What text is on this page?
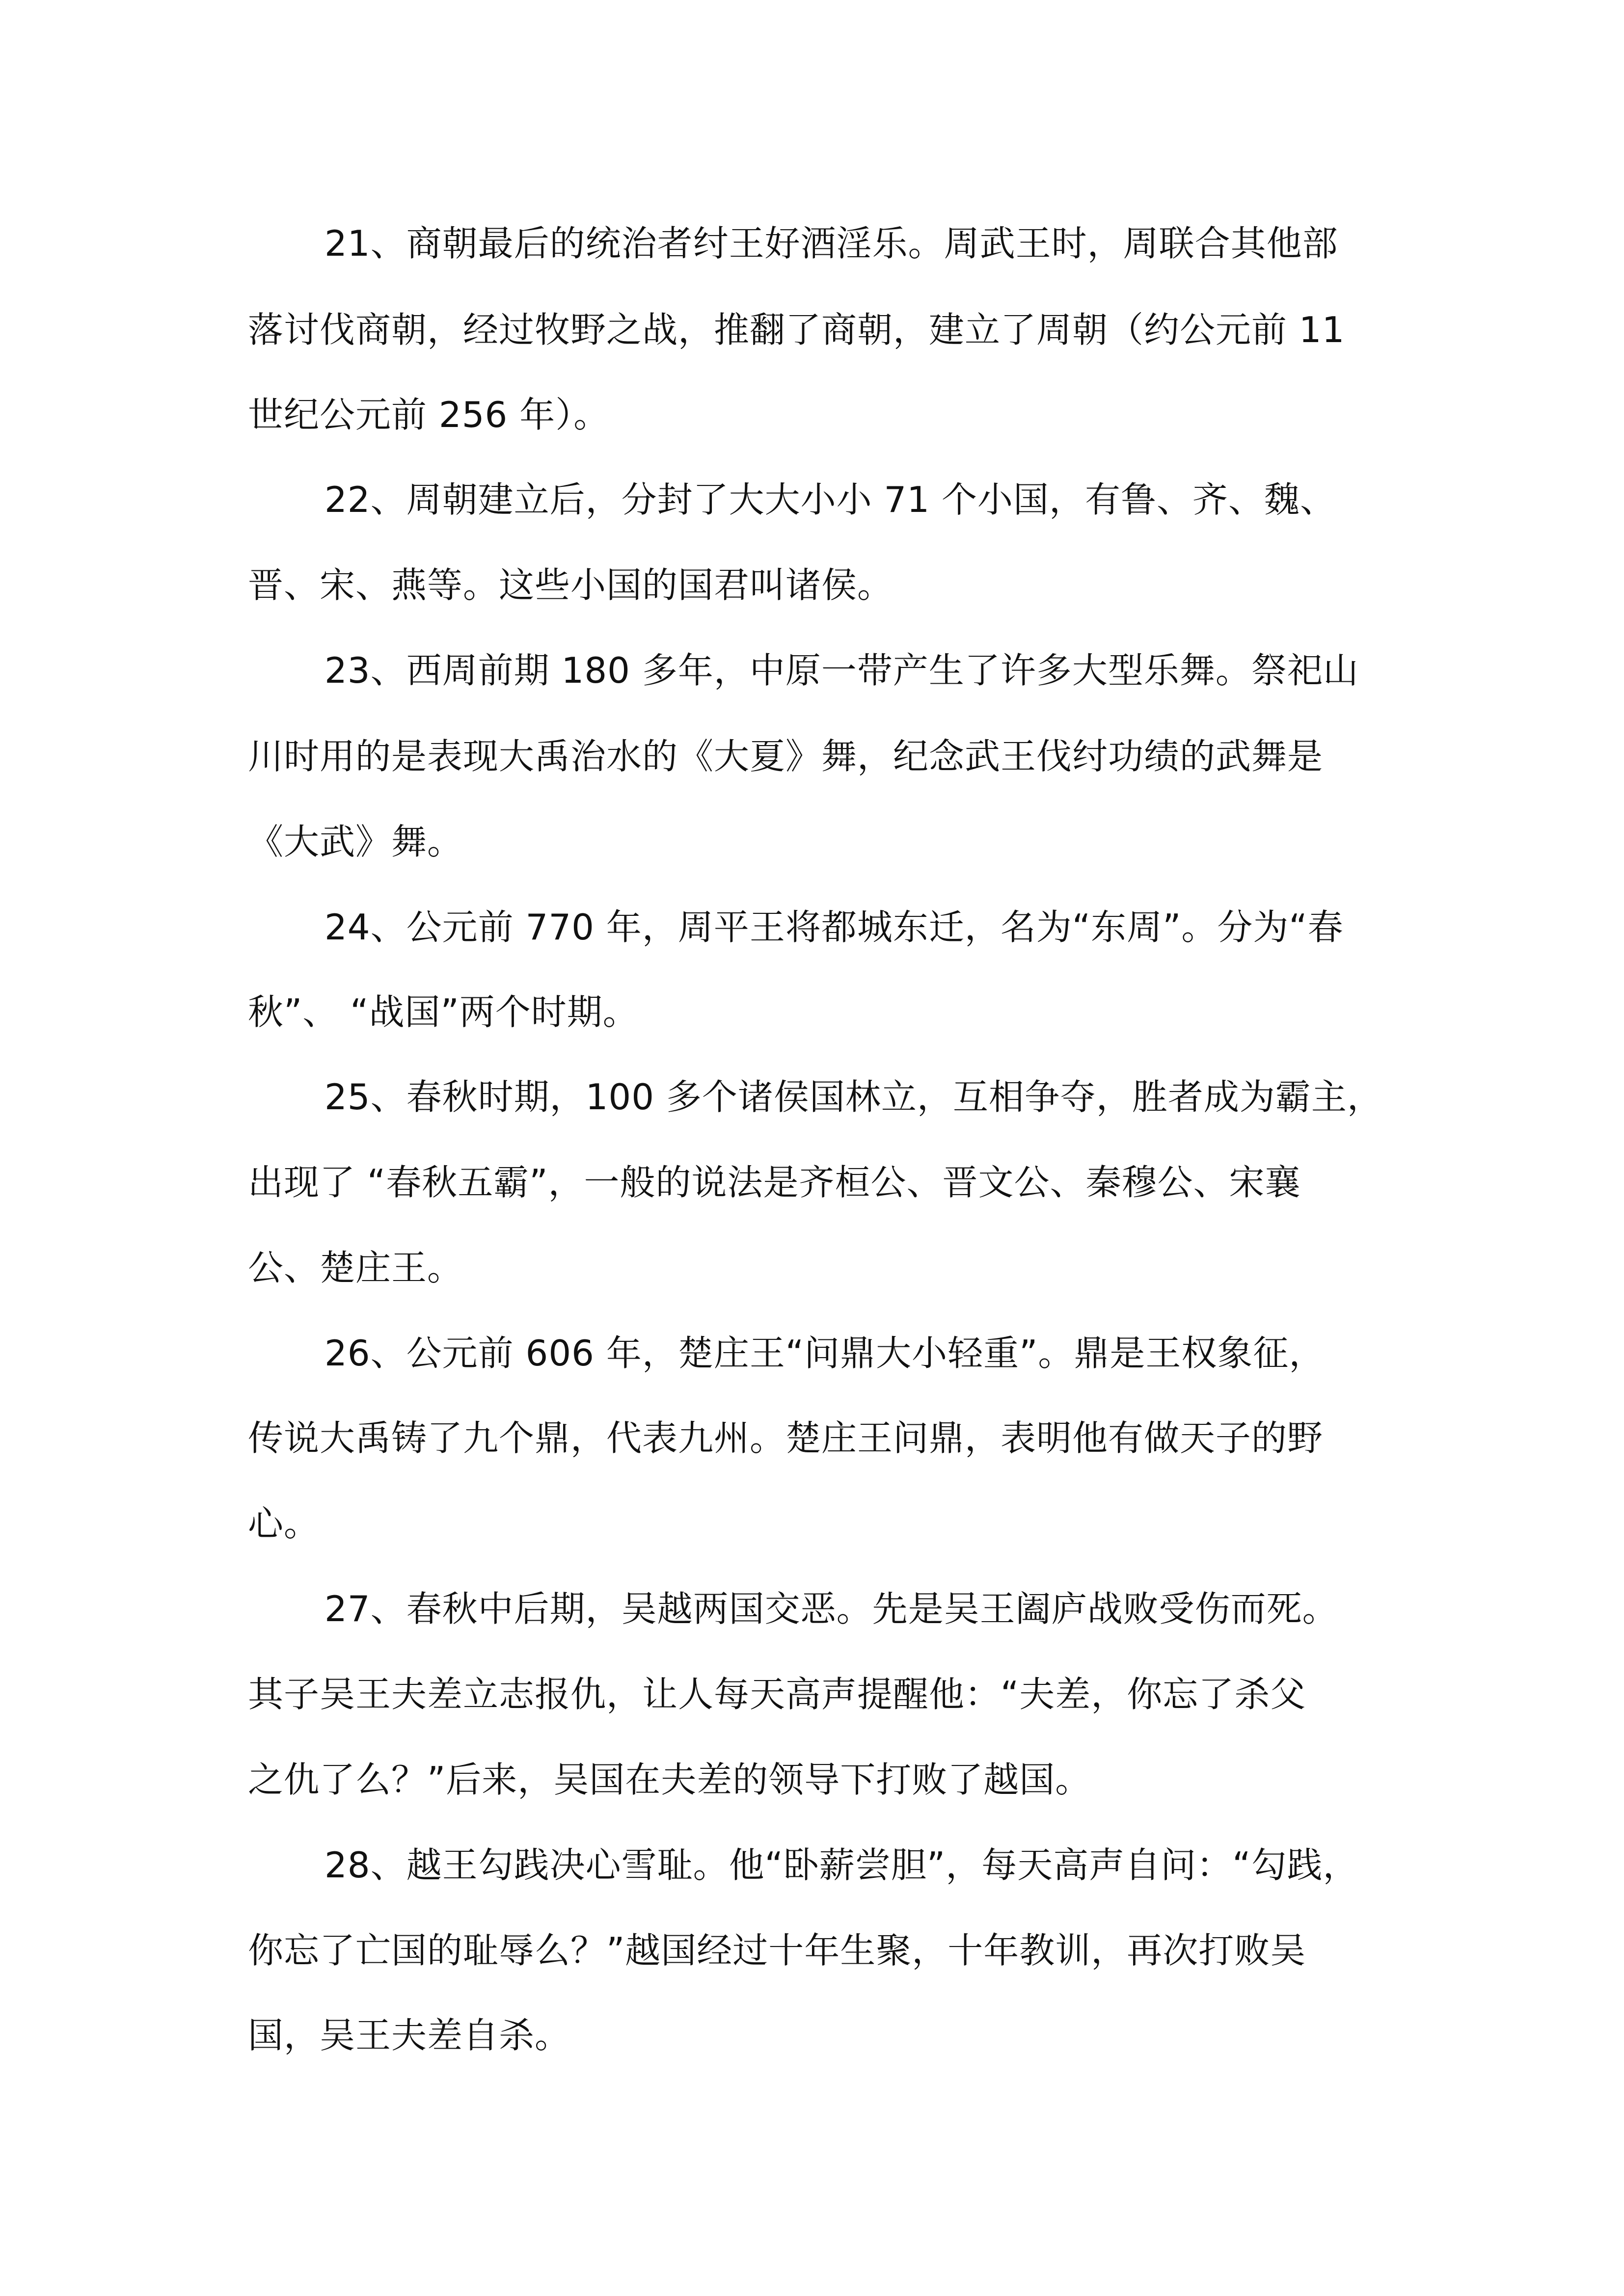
21、商朝最后的统治者纣王好酒淫乐。周武王时，周联合其他部
落讨伐商朝，经过牧野之战，推翻了商朝，建立了周朝（约公元前 11
世纪公元前 256 年）。
22、周朝建立后，分封了大大小小 71 个小国，有鲁、齐、魏、
晋、宋、燕等。这些小国的国君叫诸侯。
23、西周前期 180 多年，中原一带产生了许多大型乐舞。祭祀山
川时用的是表现大禹治水的《大夏》舞，纪念武王伐纣功绩的武舞是
《大武》舞。
24、公元前 770 年，周平王将都城东迁，名为“东周”。分为“春
秋”、 “战国”两个时期。
25、春秋时期，100 多个诸侯国林立，互相争夺，胜者成为霸主，
出现了 “春秋五霸”，一般的说法是齐桓公、晋文公、秦穆公、宋襄
公、楚庄王。
26、公元前 606 年，楚庄王“问鼎大小轻重”。鼎是王权象征，
传说大禹铸了九个鼎，代表九州。楚庄王问鼎，表明他有做天子的野
心。
27、春秋中后期，吴越两国交恶。先是吴王阖庐战败受伤而死。
其子吴王夫差立志报仇，让人每天高声提醒他：“夫差，你忘了杀父
之仇了么？”后来，吴国在夫差的领导下打败了越国。
28、越王勾践决心雪耻。他“卧薪尝胆”，每天高声自问：“勾践，
你忘了亡国的耻辱么？”越国经过十年生聚，十年教训，再次打败吴
国，吴王夫差自杀。
